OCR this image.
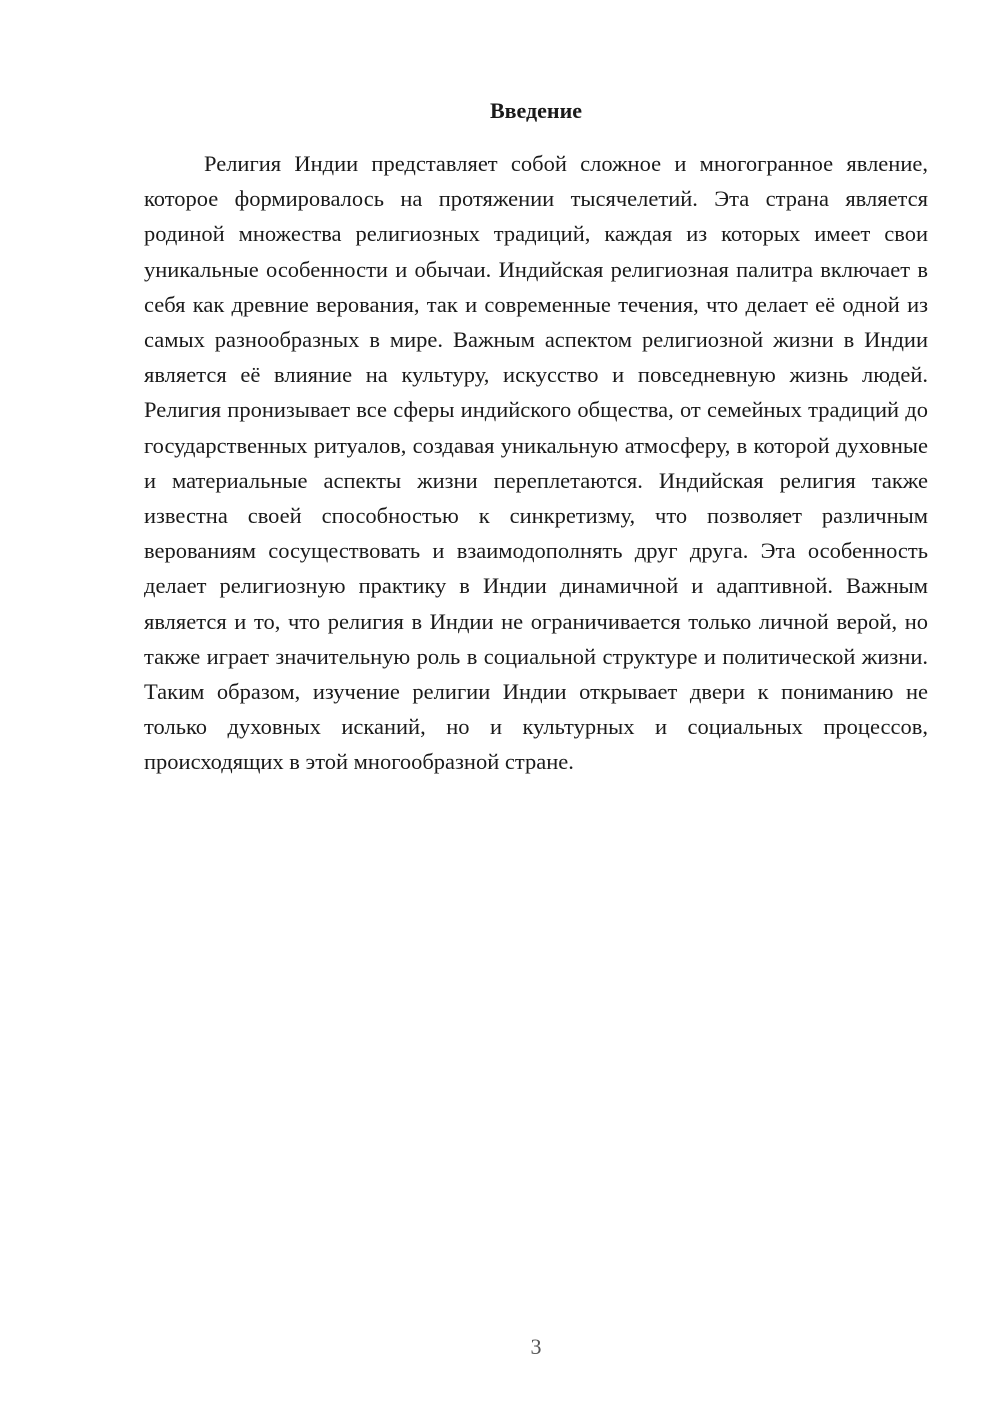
Введение

Религия Индии представляет собой сложное и многогранное явление, которое формировалось на протяжении тысячелетий. Эта страна является родиной множества религиозных традиций, каждая из которых имеет свои уникальные особенности и обычаи. Индийская религиозная палитра включает в себя как древние верования, так и современные течения, что делает её одной из самых разнообразных в мире. Важным аспектом религиозной жизни в Индии является её влияние на культуру, искусство и повседневную жизнь людей. Религия пронизывает все сферы индийского общества, от семейных традиций до государственных ритуалов, создавая уникальную атмосферу, в которой духовные и материальные аспекты жизни переплетаются. Индийская религия также известна своей способностью к синкретизму, что позволяет различным верованиям сосуществовать и взаимодополнять друг друга. Эта особенность делает религиозную практику в Индии динамичной и адаптивной. Важным является и то, что религия в Индии не ограничивается только личной верой, но также играет значительную роль в социальной структуре и политической жизни. Таким образом, изучение религии Индии открывает двери к пониманию не только духовных исканий, но и культурных и социальных процессов, происходящих в этой многообразной стране.

3
